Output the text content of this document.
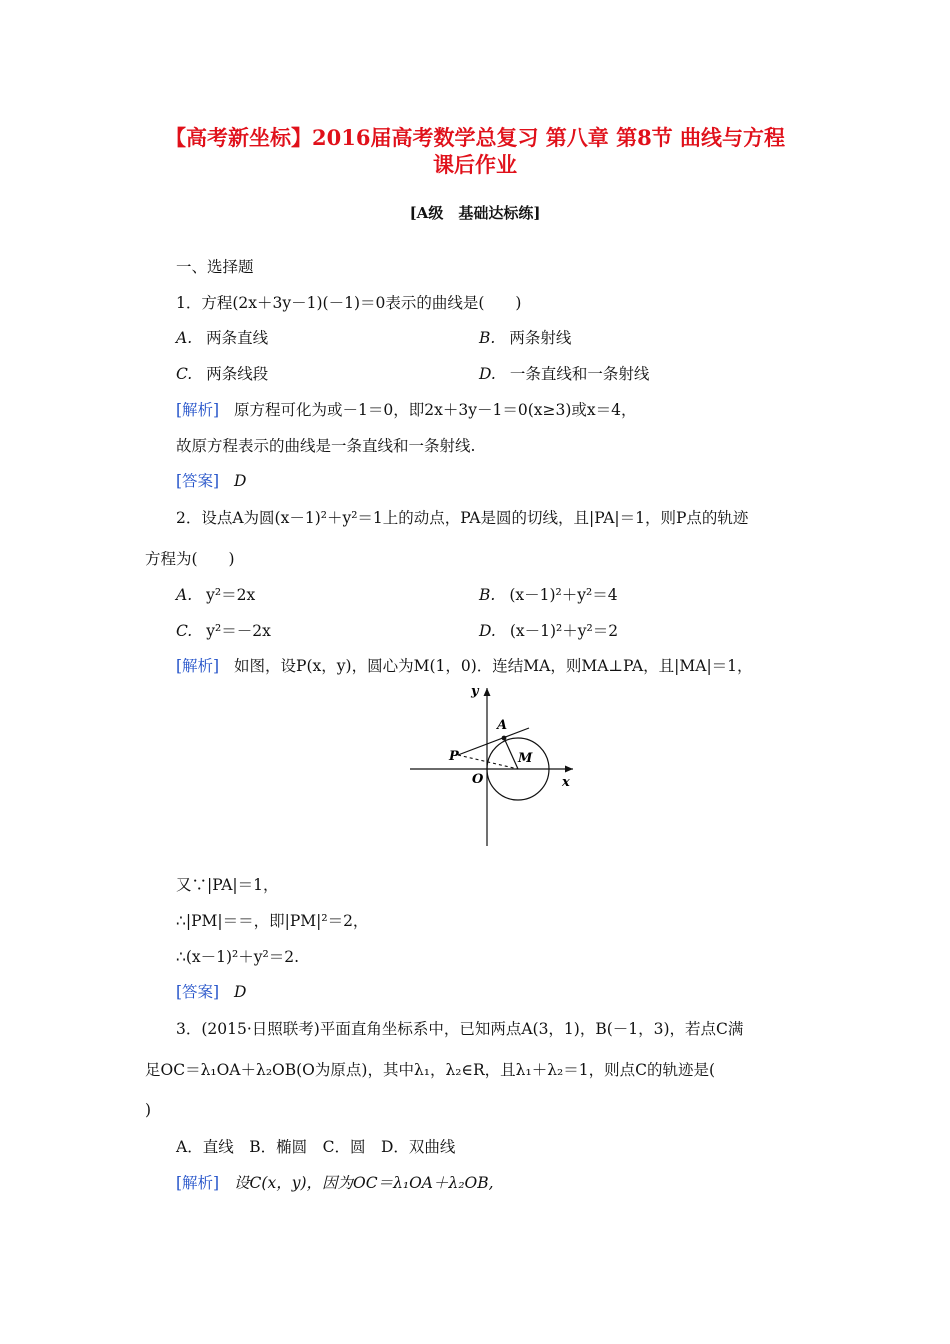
【高考新坐标】2016届高考数学总复习 第八章 第8节 曲线与方程
课后作业
[A级　基础达标练]
一、选择题
1．方程(2x＋3y－1)(－1)＝0表示的曲线是(　　)
A. 两条直线	B. 两条射线
C. 两条线段	D. 一条直线和一条射线
[解析] 原方程可化为或－1＝0，即2x＋3y－1＝0(x≥3)或x＝4，
故原方程表示的曲线是一条直线和一条射线.
[答案] D
2．设点A为圆(x－1)²＋y²＝1上的动点，PA是圆的切线，且|PA|＝1，则P点的轨迹
方程为(　　)
A. y²＝2x	B. (x－1)²＋y²＝4
C. y²＝－2x	D. (x－1)²＋y²＝2
[解析] 如图，设P(x，y)，圆心为M(1，0)．连结MA，则MA⊥PA，且|MA|＝1，
y
x
O
A
P	M
又∵|PA|＝1，
∴|PM|＝＝，即|PM|²＝2，
∴(x－1)²＋y²＝2.
[答案] D
3．(2015·日照联考)平面直角坐标系中，已知两点A(3，1)，B(－1，3)，若点C满
足OC＝λ₁OA＋λ₂OB(O为原点)，其中λ₁，λ₂∈R，且λ₁＋λ₂＝1，则点C的轨迹是(
)
A．直线　B．椭圆　C．圆　D．双曲线
[解析] 设C(x，y)，因为OC＝λ₁OA＋λ₂OB,
